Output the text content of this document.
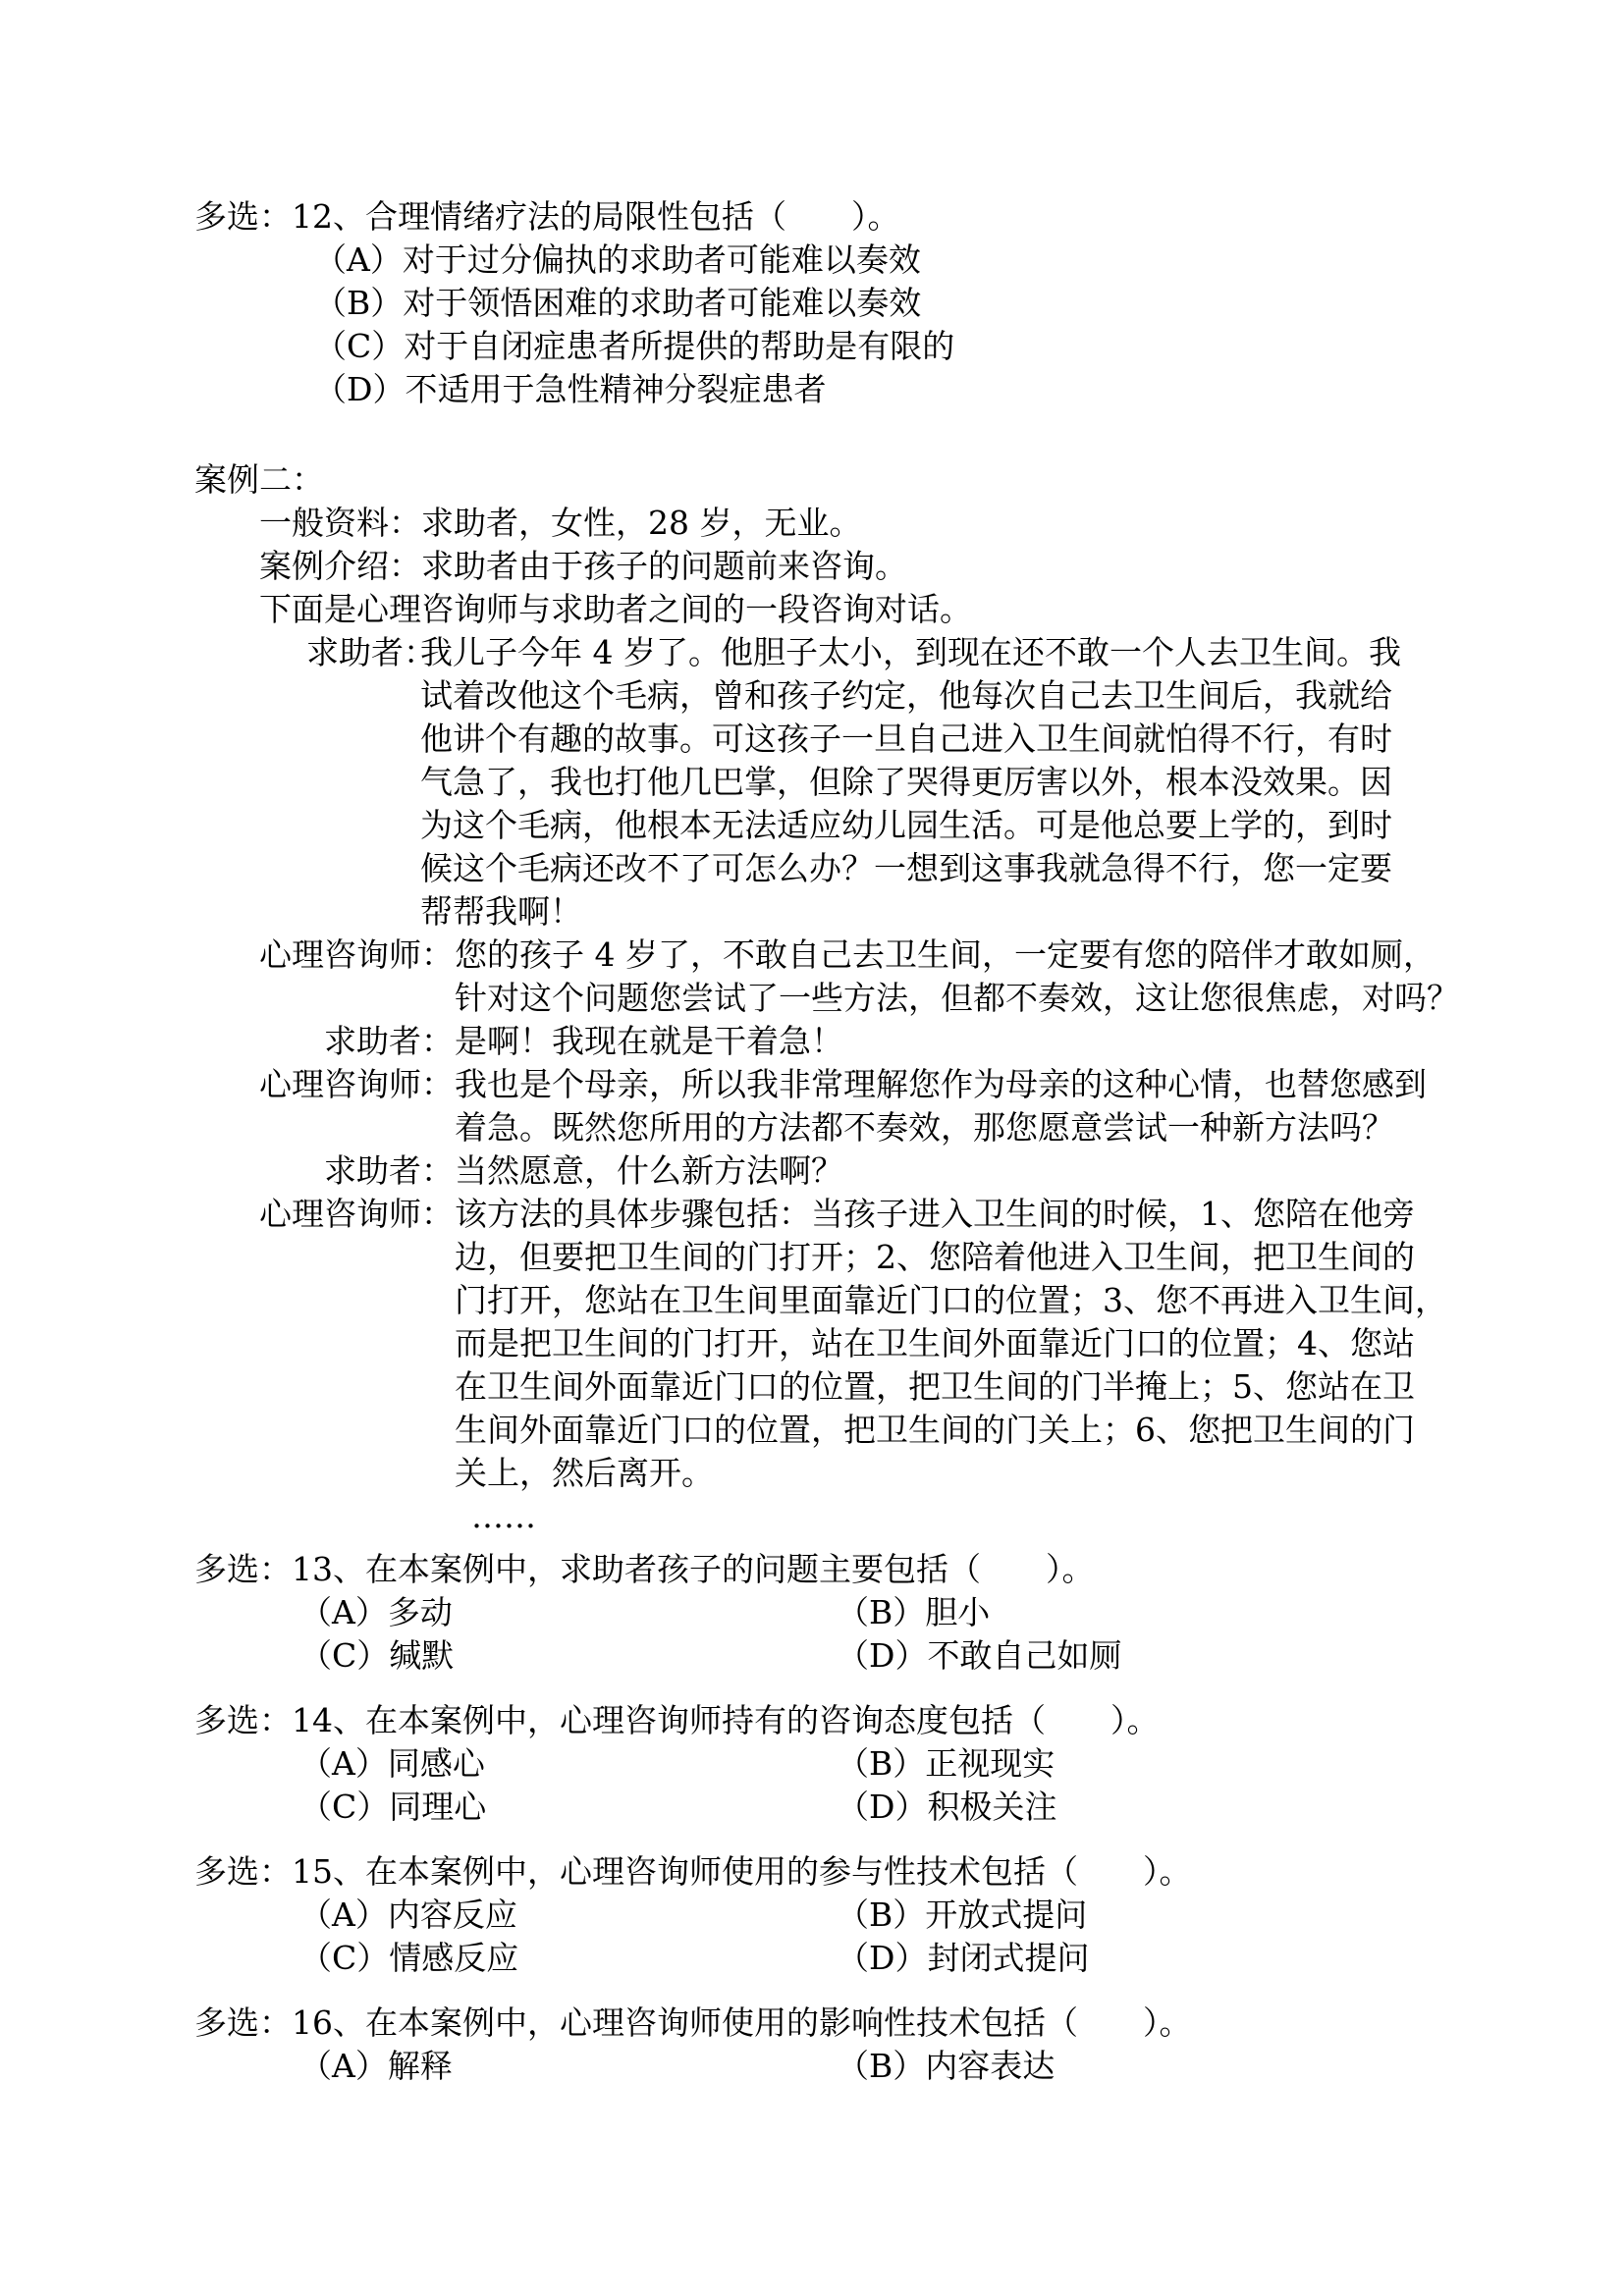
多选：12、合理情绪疗法的局限性包括（　　）。
（A）对于过分偏执的求助者可能难以奏效
（B）对于领悟困难的求助者可能难以奏效
（C）对于自闭症患者所提供的帮助是有限的
（D）不适用于急性精神分裂症患者
案例二：
一般资料：求助者，女性，28 岁，无业。
案例介绍：求助者由于孩子的问题前来咨询。
下面是心理咨询师与求助者之间的一段咨询对话。
求助者：
我儿子今年 4 岁了。他胆子太小，到现在还不敢一个人去卫生间。我
试着改他这个毛病，曾和孩子约定，他每次自己去卫生间后，我就给
他讲个有趣的故事。可这孩子一旦自己进入卫生间就怕得不行，有时
气急了，我也打他几巴掌，但除了哭得更厉害以外，根本没效果。因
为这个毛病，他根本无法适应幼儿园生活。可是他总要上学的，到时
候这个毛病还改不了可怎么办？一想到这事我就急得不行，您一定要
帮帮我啊！
心理咨询师： 您的孩子 4 岁了，不敢自己去卫生间，一定要有您的陪伴才敢如厕，
针对这个问题您尝试了一些方法，但都不奏效，这让您很焦虑，对吗？
求助者： 是啊！我现在就是干着急！
心理咨询师： 我也是个母亲，所以我非常理解您作为母亲的这种心情，也替您感到
着急。既然您所用的方法都不奏效，那您愿意尝试一种新方法吗？
求助者： 当然愿意，什么新方法啊？
心理咨询师： 该方法的具体步骤包括：当孩子进入卫生间的时候，1、您陪在他旁
边，但要把卫生间的门打开；2、您陪着他进入卫生间，把卫生间的
门打开，您站在卫生间里面靠近门口的位置；3、您不再进入卫生间，
而是把卫生间的门打开，站在卫生间外面靠近门口的位置；4、您站
在卫生间外面靠近门口的位置，把卫生间的门半掩上；5、您站在卫
生间外面靠近门口的位置，把卫生间的门关上；6、您把卫生间的门
关上，然后离开。
……
多选：13、在本案例中，求助者孩子的问题主要包括（　　）。
（A）多动	（B）胆小
（C）缄默	（D）不敢自己如厕
多选：14、在本案例中，心理咨询师持有的咨询态度包括（　　）。
（A）同感心	（B）正视现实
（C）同理心	（D）积极关注
多选：15、在本案例中，心理咨询师使用的参与性技术包括（　　）。
（A）内容反应	（B）开放式提问
（C）情感反应	（D）封闭式提问
多选：16、在本案例中，心理咨询师使用的影响性技术包括（　　）。
（A）解释	（B）内容表达
